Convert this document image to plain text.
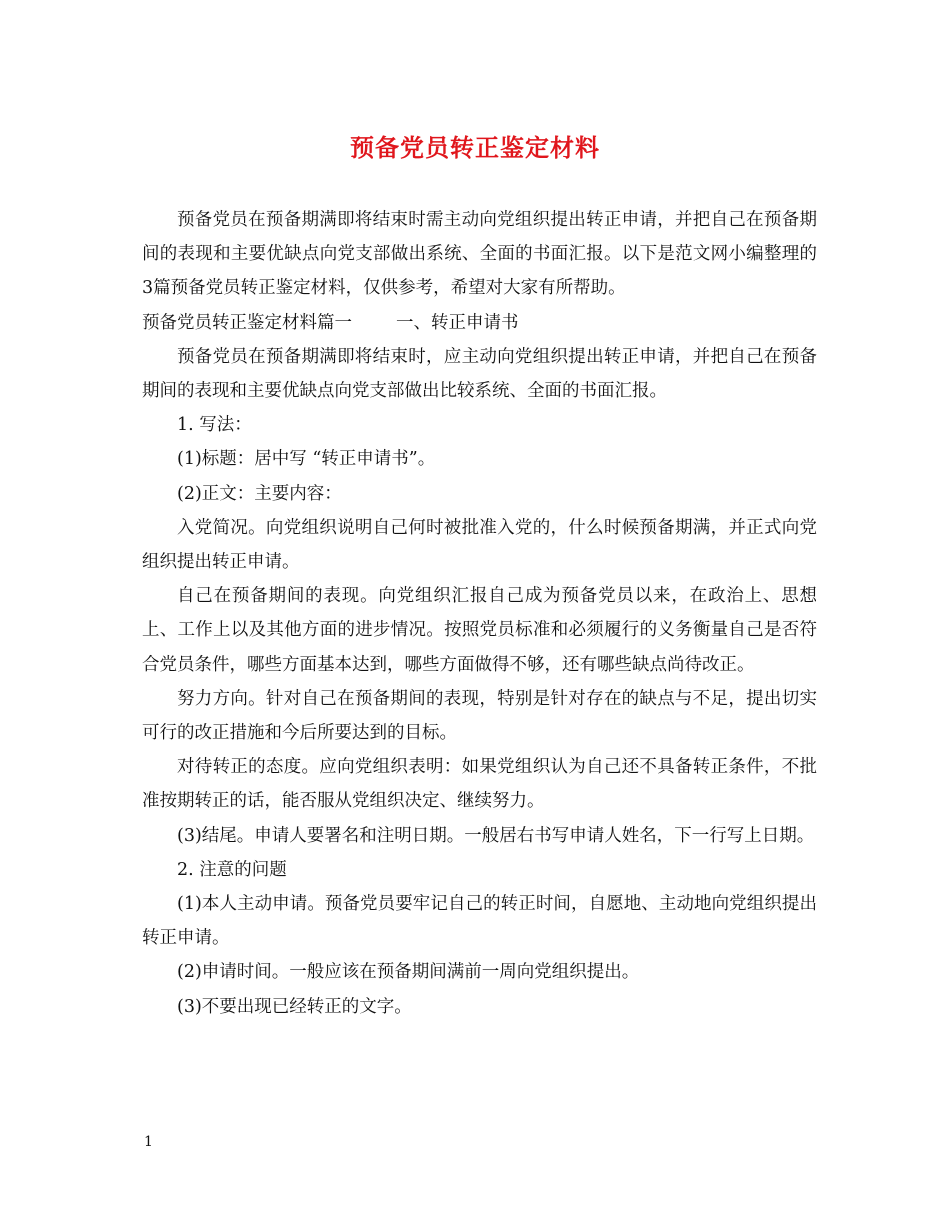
预备党员转正鉴定材料

预备党员在预备期满即将结束时需主动向党组织提出转正申请，并把自己在预备期间的表现和主要优缺点向党支部做出系统、全面的书面汇报。以下是范文网小编整理的3篇预备党员转正鉴定材料，仅供参考，希望对大家有所帮助。

预备党员转正鉴定材料篇一	一、转正申请书

预备党员在预备期满即将结束时，应主动向党组织提出转正申请，并把自己在预备期间的表现和主要优缺点向党支部做出比较系统、全面的书面汇报。

1. 写法：

(1)标题：居中写 “转正申请书”。

(2)正文：主要内容：

入党简况。向党组织说明自己何时被批准入党的，什么时候预备期满，并正式向党组织提出转正申请。

自己在预备期间的表现。向党组织汇报自己成为预备党员以来，在政治上、思想上、工作上以及其他方面的进步情况。按照党员标准和必须履行的义务衡量自己是否符合党员条件，哪些方面基本达到，哪些方面做得不够，还有哪些缺点尚待改正。

努力方向。针对自己在预备期间的表现，特别是针对存在的缺点与不足，提出切实可行的改正措施和今后所要达到的目标。

对待转正的态度。应向党组织表明：如果党组织认为自己还不具备转正条件，不批准按期转正的话，能否服从党组织决定、继续努力。

(3)结尾。申请人要署名和注明日期。一般居右书写申请人姓名，下一行写上日期。

2. 注意的问题

(1)本人主动申请。预备党员要牢记自己的转正时间，自愿地、主动地向党组织提出转正申请。

(2)申请时间。一般应该在预备期间满前一周向党组织提出。

(3)不要出现已经转正的文字。

1
